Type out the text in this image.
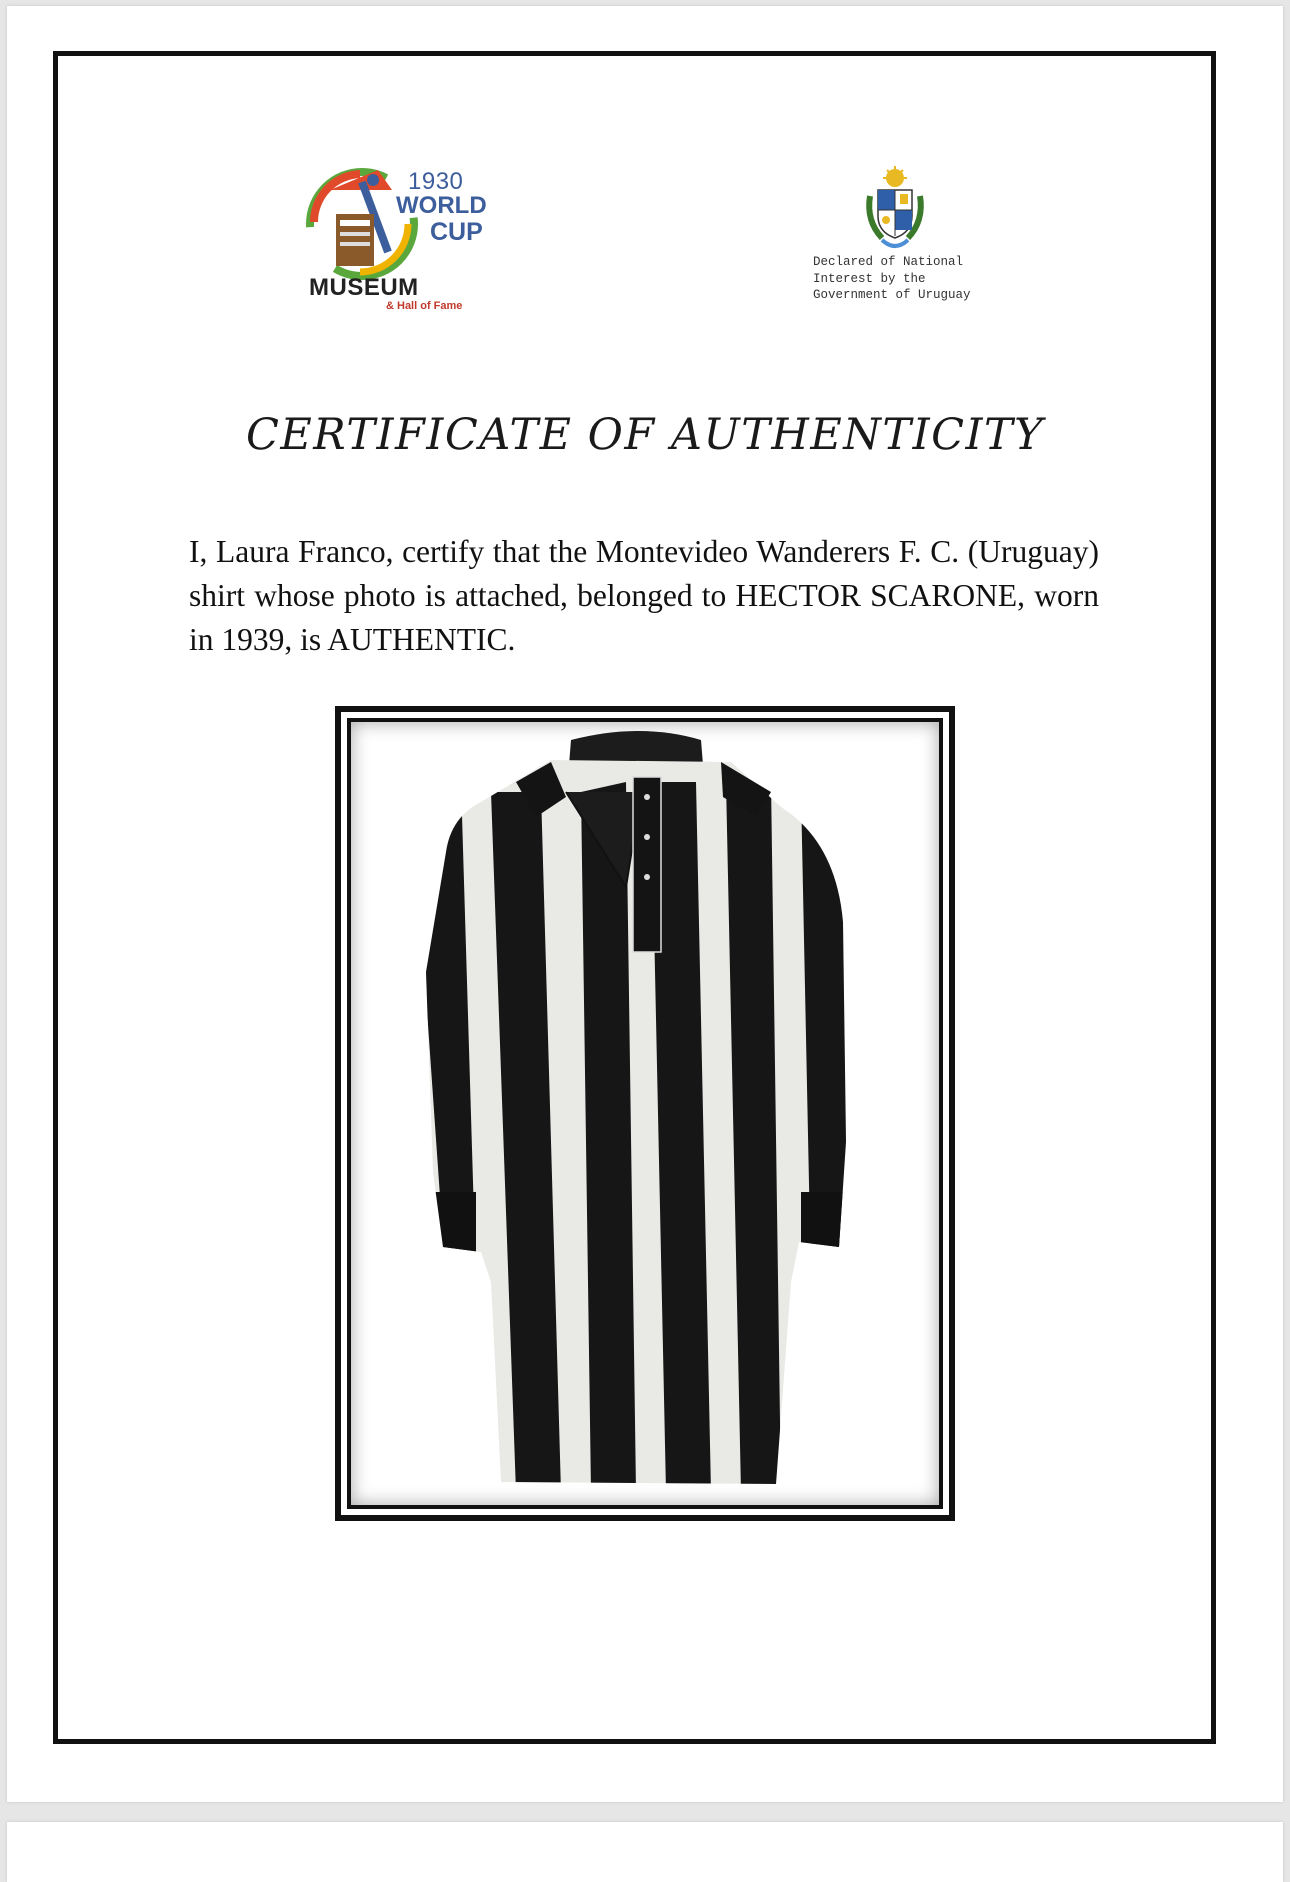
1930
WORLD
CUP
MUSEUM
& Hall of Fame
Declared of National
Interest by the
Government of Uruguay
CERTIFICATE OF AUTHENTICITY
I, Laura Franco, certify that the Montevideo Wanderers F. C. (Uruguay) shirt whose photo is attached, belonged to HECTOR SCARONE, worn in 1939, is AUTHENTIC.
